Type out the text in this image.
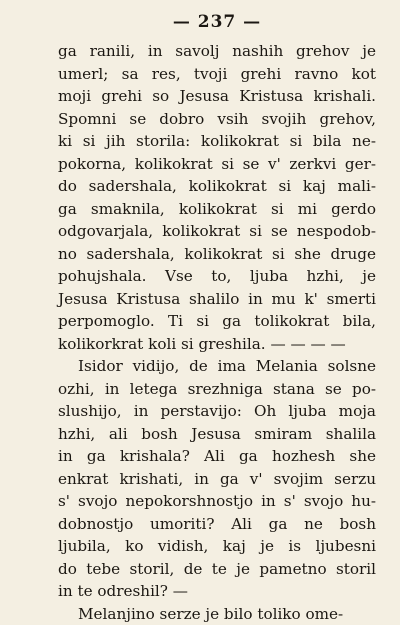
— 237 —
ga ranili, in savolj nashih grehov je
umerl; sa res, tvoji grehi ravno kot
moji grehi so Jesusa Kristusa krishali.
Spomni se dobro vsih svojih grehov,
ki si jih storila: kolikokrat si bila ne-
pokorna, kolikokrat si se v' zerkvi ger-
do sadershala, kolikokrat si kaj mali-
ga smaknila, kolikokrat si mi gerdo
odgovarjala, kolikokrat si se nespodob-
no sadershala, kolikokrat si she druge
pohujshala. Vse to, ljuba hzhi, je
Jesusa Kristusa shalilo in mu k' smerti
perpomoglo. Ti si ga tolikokrat bila,
kolikorkrat koli si greshila. — — — —
Isidor vidijo, de ima Melania solsne
ozhi, in letega srezhniga stana se po-
slushijo, in perstavijo: Oh ljuba moja
hzhi, ali bosh Jesusa smiram shalila
in ga krishala? Ali ga hozhesh she
enkrat krishati, in ga v' svojim serzu
s' svojo nepokorshnostjo in s' svojo hu-
dobnostjo umoriti? Ali ga ne bosh
ljubila, ko vidish, kaj je is ljubesni
do tebe storil, de te je pametno storil
in te odreshil? —
Melanjino serze je bilo toliko ome-
